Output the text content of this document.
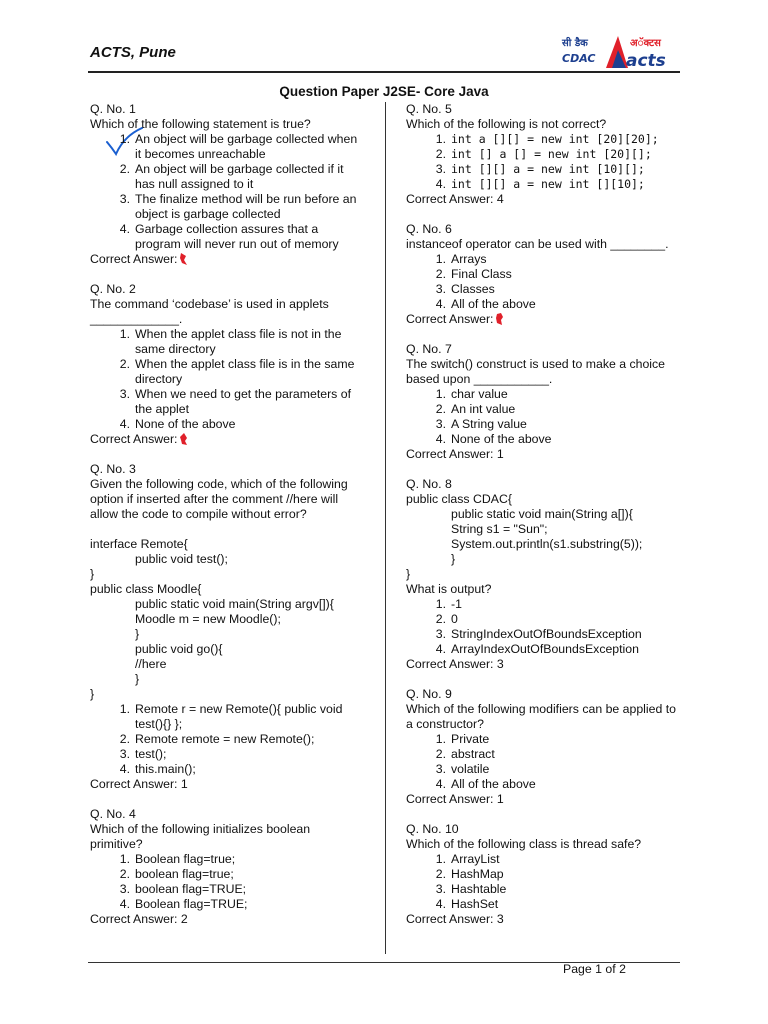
ACTS, Pune
सी डैक
CDAC
अॅक्टस
acts
Question Paper J2SE- Core Java
Q. No. 1
Which of the following statement is true?
1. An object will be garbage collected when it becomes unreachable
2. An object will be garbage collected if it has null assigned to it
3. The finalize method will be run before an object is garbage collected
4. Garbage collection assures that a program will never run out of memory
Correct Answer:
Q. No. 2
The command ‘codebase’ is used in applets _____________.
1. When the applet class file is not in the same directory
2. When the applet class file is in the same directory
3. When we need to get the parameters of the applet
4. None of the above
Correct Answer:
Q. No. 3
Given the following code, which of the following option if inserted after the comment //here will allow the code to compile without error?
interface Remote{
public void test();
}
public class Moodle{
public static void main(String argv[]){
Moodle m = new Moodle();
}
public void go(){
//here
}
}
1. Remote r = new Remote(){ public void test(){} };
2. Remote remote = new Remote();
3. test();
4. this.main();
Correct Answer: 1
Q. No. 4
Which of the following initializes boolean primitive?
1. Boolean flag=true;
2. boolean flag=true;
3. boolean flag=TRUE;
4. Boolean flag=TRUE;
Correct Answer: 2
Q. No. 5
Which of the following is not correct?
1. int a [][] = new int [20][20];
2. int [] a [] = new int [20][];
3. int [][] a = new int [10][];
4. int [][] a = new int [][10];
Correct Answer: 4
Q. No. 6
instanceof operator can be used with ________.
1. Arrays
2. Final Class
3. Classes
4. All of the above
Correct Answer:
Q. No. 7
The switch() construct is used to make a choice based upon ___________.
1. char value
2. An int value
3. A String value
4. None of the above
Correct Answer: 1
Q. No. 8
public class CDAC{
public static void main(String a[]){
String s1 = "Sun";
System.out.println(s1.substring(5));
}
}
What is output?
1. -1
2. 0
3. StringIndexOutOfBoundsException
4. ArrayIndexOutOfBoundsException
Correct Answer: 3
Q. No. 9
Which of the following modifiers can be applied to a constructor?
1. Private
2. abstract
3. volatile
4. All of the above
Correct Answer: 1
Q. No. 10
Which of the following class is thread safe?
1. ArrayList
2. HashMap
3. Hashtable
4. HashSet
Correct Answer: 3
Page 1 of 2
